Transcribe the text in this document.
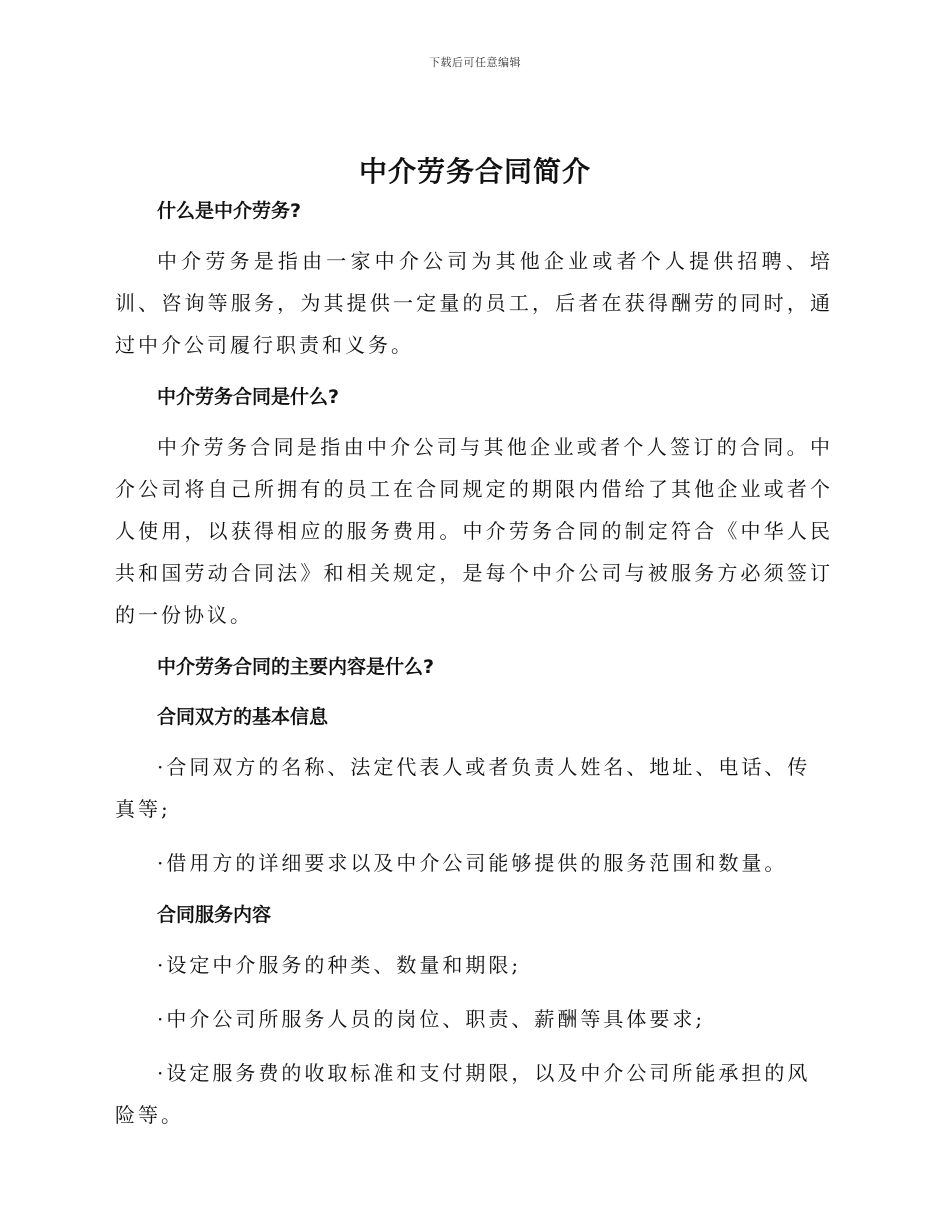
下载后可任意编辑
中介劳务合同简介

什么是中介劳务?

中介劳务是指由一家中介公司为其他企业或者个人提供招聘、培训、咨询等服务，为其提供一定量的员工，后者在获得酬劳的同时，通过中介公司履行职责和义务。

中介劳务合同是什么?

中介劳务合同是指由中介公司与其他企业或者个人签订的合同。中介公司将自己所拥有的员工在合同规定的期限内借给了其他企业或者个人使用，以获得相应的服务费用。中介劳务合同的制定符合《中华人民共和国劳动合同法》和相关规定，是每个中介公司与被服务方必须签订的一份协议。

中介劳务合同的主要内容是什么?

合同双方的基本信息

·合同双方的名称、法定代表人或者负责人姓名、地址、电话、传真等;

·借用方的详细要求以及中介公司能够提供的服务范围和数量。

合同服务内容

·设定中介服务的种类、数量和期限;

·中介公司所服务人员的岗位、职责、薪酬等具体要求;

·设定服务费的收取标准和支付期限，以及中介公司所能承担的风险等。
